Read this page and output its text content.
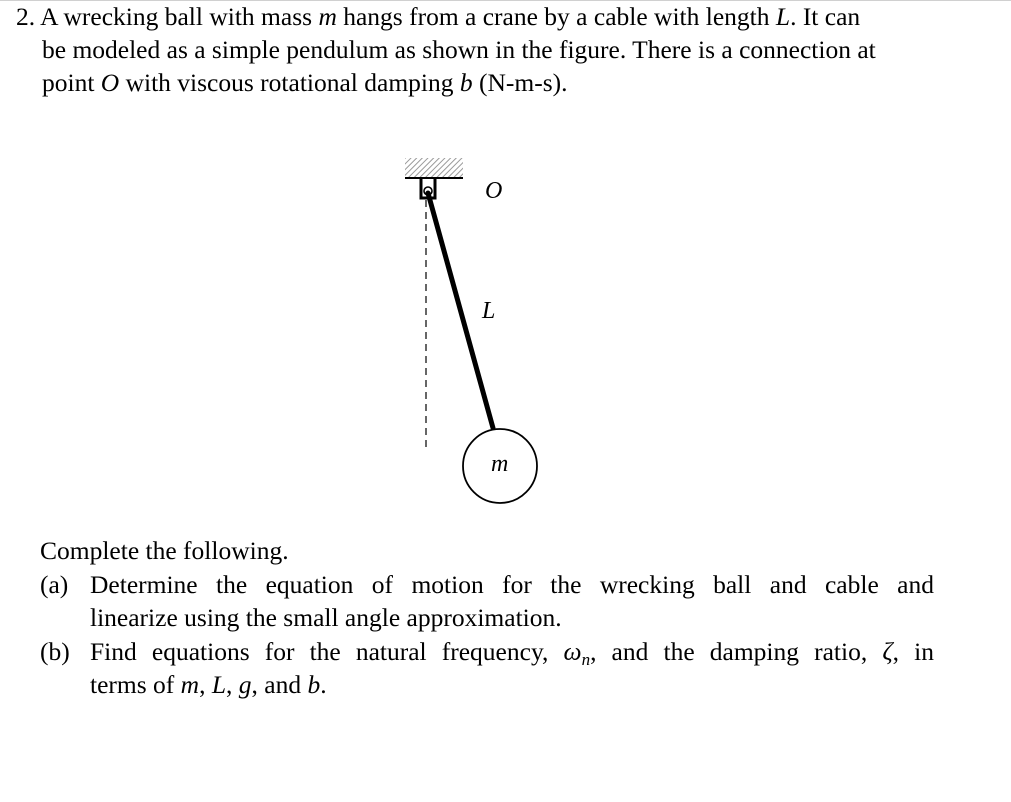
2. A wrecking ball with mass m hangs from a crane by a cable with length L. It can
be modeled as a simple pendulum as shown in the figure. There is a connection at
point O with viscous rotational damping b (N-m-s).
O
L
m
Complete the following.
(a) Determine the equation of motion for the wrecking ball and cable and
linearize using the small angle approximation.
(b) Find equations for the natural frequency, $\omega_n$, and the damping ratio, ζ, in
terms of m, L, g, and b.
